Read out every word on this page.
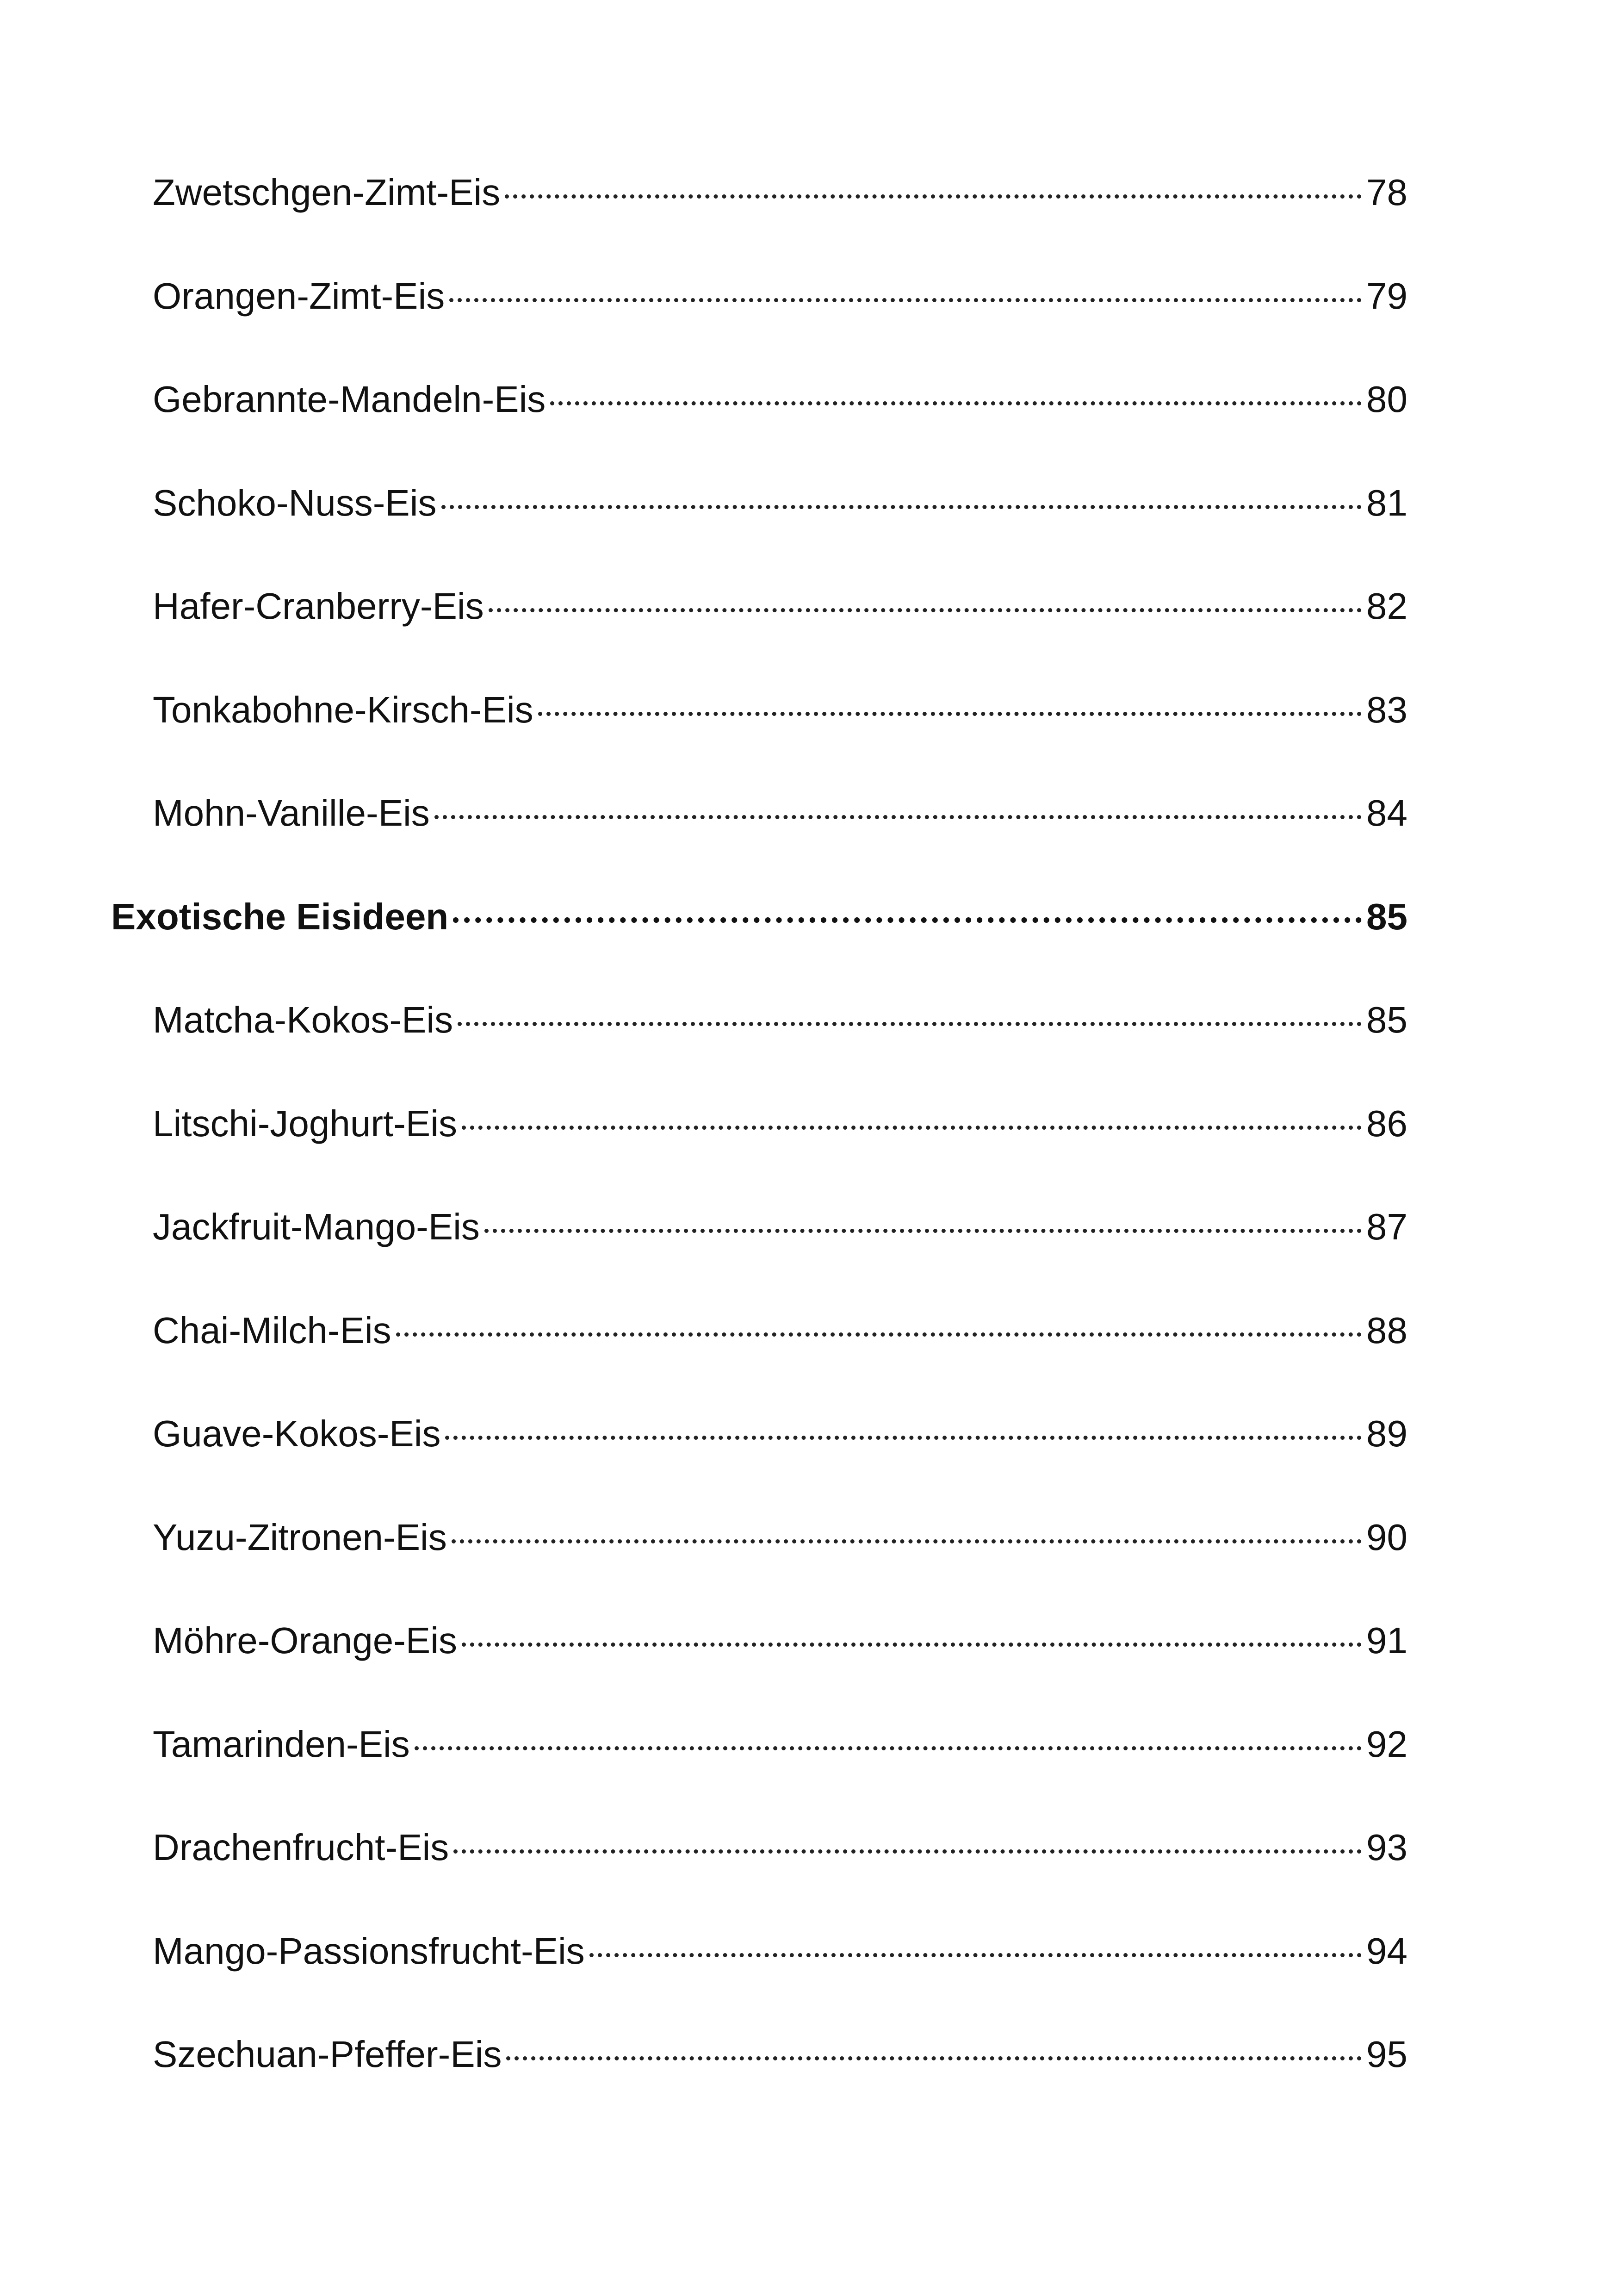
Zwetschgen-Zimt-Eis	78
Orangen-Zimt-Eis	79
Gebrannte-Mandeln-Eis	80
Schoko-Nuss-Eis	81
Hafer-Cranberry-Eis	82
Tonkabohne-Kirsch-Eis	83
Mohn-Vanille-Eis	84
Exotische Eisideen	85
Matcha-Kokos-Eis	85
Litschi-Joghurt-Eis	86
Jackfruit-Mango-Eis	87
Chai-Milch-Eis	88
Guave-Kokos-Eis	89
Yuzu-Zitronen-Eis	90
Möhre-Orange-Eis	91
Tamarinden-Eis	92
Drachenfrucht-Eis	93
Mango-Passionsfrucht-Eis	94
Szechuan-Pfeffer-Eis	95
